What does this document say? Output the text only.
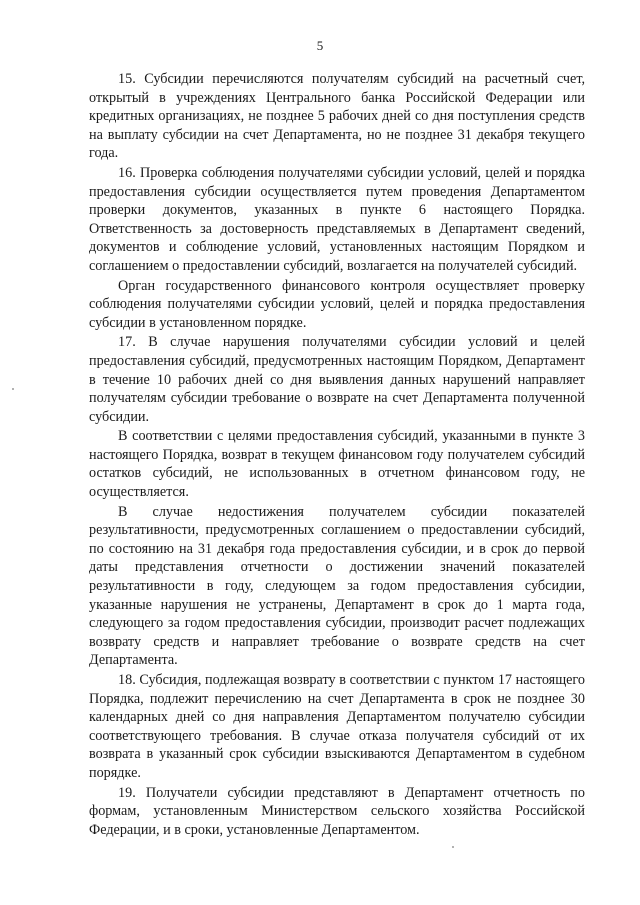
5

15. Субсидии перечисляются получателям субсидий на расчетный счет, открытый в учреждениях Центрального банка Российской Федерации или кредитных организациях, не позднее 5 рабочих дней со дня поступления средств на выплату субсидии на счет Департамента, но не позднее 31 декабря текущего года.

16. Проверка соблюдения получателями субсидии условий, целей и порядка предоставления субсидии осуществляется путем проведения Департаментом проверки документов, указанных в пункте 6 настоящего Порядка. Ответственность за достоверность представляемых в Департамент сведений, документов и соблюдение условий, установленных настоящим Порядком и соглашением о предоставлении субсидий, возлагается на получателей субсидий.

Орган государственного финансового контроля осуществляет проверку соблюдения получателями субсидии условий, целей и порядка предоставления субсидии в установленном порядке.

17. В случае нарушения получателями субсидии условий и целей предоставления субсидий, предусмотренных настоящим Порядком, Департамент в течение 10 рабочих дней со дня выявления данных нарушений направляет получателям субсидии требование о возврате на счет Департамента полученной субсидии.

В соответствии с целями предоставления субсидий, указанными в пункте 3 настоящего Порядка, возврат в текущем финансовом году получателем субсидий остатков субсидий, не использованных в отчетном финансовом году, не осуществляется.

В случае недостижения получателем субсидии показателей результативности, предусмотренных соглашением о предоставлении субсидий, по состоянию на 31 декабря года предоставления субсидии, и в срок до первой даты представления отчетности о достижении значений показателей результативности в году, следующем за годом предоставления субсидии, указанные нарушения не устранены, Департамент в срок до 1 марта года, следующего за годом предоставления субсидии, производит расчет подлежащих возврату средств и направляет требование о возврате средств на счет Департамента.

18. Субсидия, подлежащая возврату в соответствии с пунктом 17 настоящего Порядка, подлежит перечислению на счет Департамента в срок не позднее 30 календарных дней со дня направления Департаментом получателю субсидии соответствующего требования. В случае отказа получателя субсидий от их возврата в указанный срок субсидии взыскиваются Департаментом в судебном порядке.

19. Получатели субсидии представляют в Департамент отчетность по формам, установленным Министерством сельского хозяйства Российской Федерации, и в сроки, установленные Департаментом.
